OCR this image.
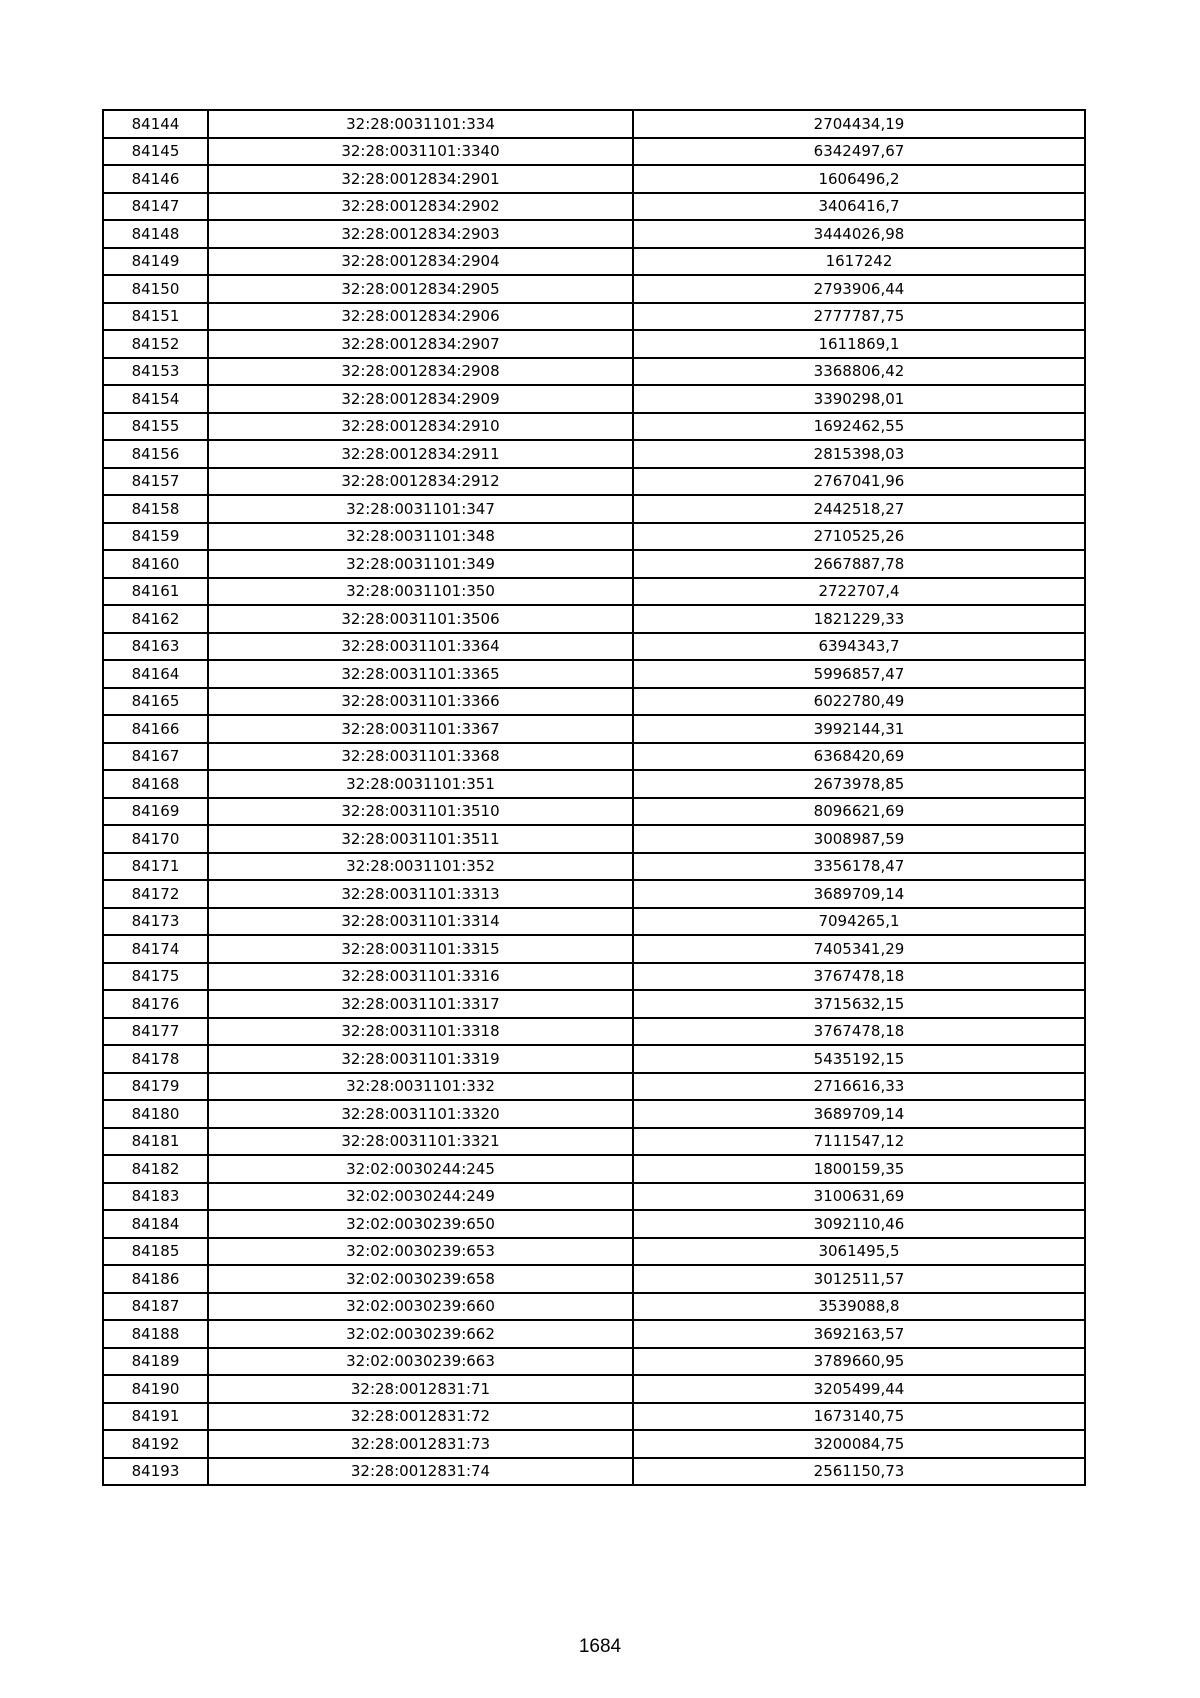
84144	32:28:0031101:334	2704434,19
84145	32:28:0031101:3340	6342497,67
84146	32:28:0012834:2901	1606496,2
84147	32:28:0012834:2902	3406416,7
84148	32:28:0012834:2903	3444026,98
84149	32:28:0012834:2904	1617242
84150	32:28:0012834:2905	2793906,44
84151	32:28:0012834:2906	2777787,75
84152	32:28:0012834:2907	1611869,1
84153	32:28:0012834:2908	3368806,42
84154	32:28:0012834:2909	3390298,01
84155	32:28:0012834:2910	1692462,55
84156	32:28:0012834:2911	2815398,03
84157	32:28:0012834:2912	2767041,96
84158	32:28:0031101:347	2442518,27
84159	32:28:0031101:348	2710525,26
84160	32:28:0031101:349	2667887,78
84161	32:28:0031101:350	2722707,4
84162	32:28:0031101:3506	1821229,33
84163	32:28:0031101:3364	6394343,7
84164	32:28:0031101:3365	5996857,47
84165	32:28:0031101:3366	6022780,49
84166	32:28:0031101:3367	3992144,31
84167	32:28:0031101:3368	6368420,69
84168	32:28:0031101:351	2673978,85
84169	32:28:0031101:3510	8096621,69
84170	32:28:0031101:3511	3008987,59
84171	32:28:0031101:352	3356178,47
84172	32:28:0031101:3313	3689709,14
84173	32:28:0031101:3314	7094265,1
84174	32:28:0031101:3315	7405341,29
84175	32:28:0031101:3316	3767478,18
84176	32:28:0031101:3317	3715632,15
84177	32:28:0031101:3318	3767478,18
84178	32:28:0031101:3319	5435192,15
84179	32:28:0031101:332	2716616,33
84180	32:28:0031101:3320	3689709,14
84181	32:28:0031101:3321	7111547,12
84182	32:02:0030244:245	1800159,35
84183	32:02:0030244:249	3100631,69
84184	32:02:0030239:650	3092110,46
84185	32:02:0030239:653	3061495,5
84186	32:02:0030239:658	3012511,57
84187	32:02:0030239:660	3539088,8
84188	32:02:0030239:662	3692163,57
84189	32:02:0030239:663	3789660,95
84190	32:28:0012831:71	3205499,44
84191	32:28:0012831:72	1673140,75
84192	32:28:0012831:73	3200084,75
84193	32:28:0012831:74	2561150,73
1684
